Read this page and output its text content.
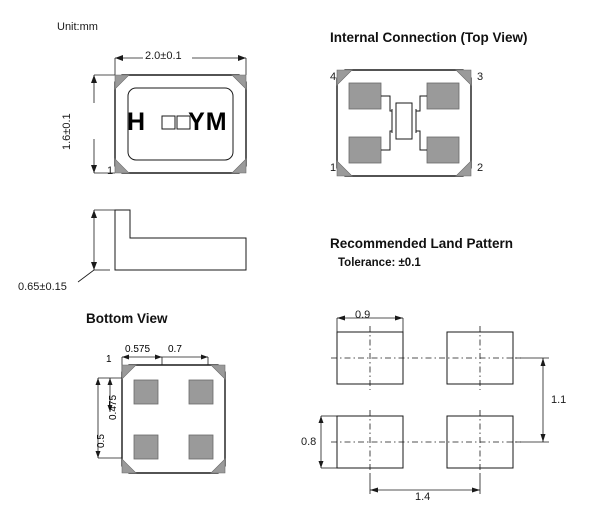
Unit:mm
2.0±0.1
1.6±0.1
1
H YM
0.65±0.15
Bottom View
1
0.575 0.7
0.475
0.5
Internal Connection (Top View)
4	3
1	2
Recommended Land Pattern
Tolerance: ±0.1
0.9
1.4
0.8
1.1
